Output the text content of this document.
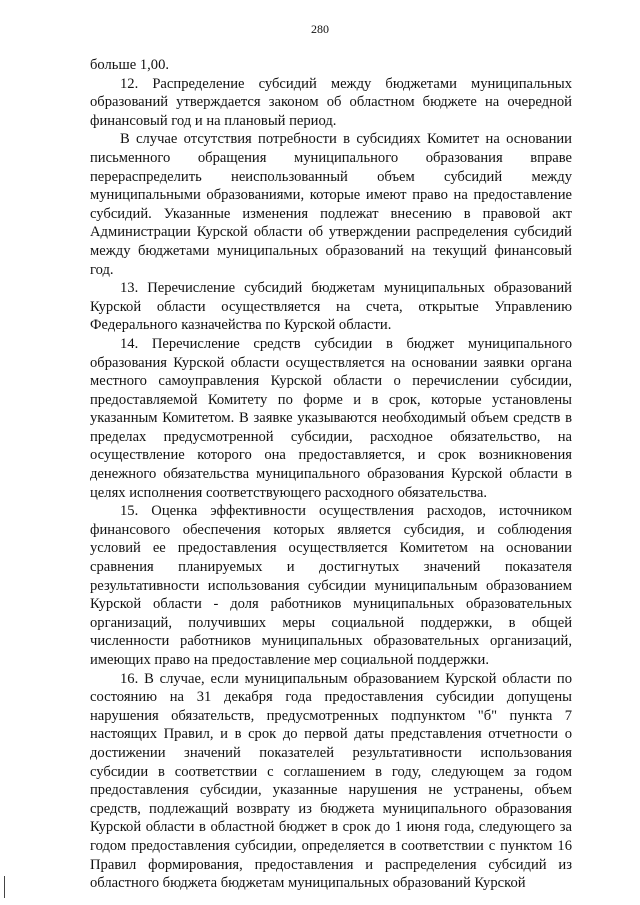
280

больше 1,00.

12. Распределение субсидий между бюджетами муниципальных образований утверждается законом об областном бюджете на очередной финансовый год и на плановый период.

В случае отсутствия потребности в субсидиях Комитет на основании письменного обращения муниципального образования вправе перераспределить неиспользованный объем субсидий между муниципальными образованиями, которые имеют право на предоставление субсидий. Указанные изменения подлежат внесению в правовой акт Администрации Курской области об утверждении распределения субсидий между бюджетами муниципальных образований на текущий финансовый год.

13. Перечисление субсидий бюджетам муниципальных образований Курской области осуществляется на счета, открытые Управлению Федерального казначейства по Курской области.

14. Перечисление средств субсидии в бюджет муниципального образования Курской области осуществляется на основании заявки органа местного самоуправления Курской области о перечислении субсидии, предоставляемой Комитету по форме и в срок, которые установлены указанным Комитетом. В заявке указываются необходимый объем средств в пределах предусмотренной субсидии, расходное обязательство, на осуществление которого она предоставляется, и срок возникновения денежного обязательства муниципального образования Курской области в целях исполнения соответствующего расходного обязательства.

15. Оценка эффективности осуществления расходов, источником финансового обеспечения которых является субсидия, и соблюдения условий ее предоставления осуществляется Комитетом на основании сравнения планируемых и достигнутых значений показателя результативности использования субсидии муниципальным образованием Курской области - доля работников муниципальных образовательных организаций, получивших меры социальной поддержки, в общей численности работников муниципальных образовательных организаций, имеющих право на предоставление мер социальной поддержки.

16. В случае, если муниципальным образованием Курской области по состоянию на 31 декабря года предоставления субсидии допущены нарушения обязательств, предусмотренных подпунктом "б" пункта 7 настоящих Правил, и в срок до первой даты представления отчетности о достижении значений показателей результативности использования субсидии в соответствии с соглашением в году, следующем за годом предоставления субсидии, указанные нарушения не устранены, объем средств, подлежащий возврату из бюджета муниципального образования Курской области в областной бюджет в срок до 1 июня года, следующего за годом предоставления субсидии, определяется в соответствии с пунктом 16 Правил формирования, предоставления и распределения субсидий из областного бюджета бюджетам муниципальных образований Курской
